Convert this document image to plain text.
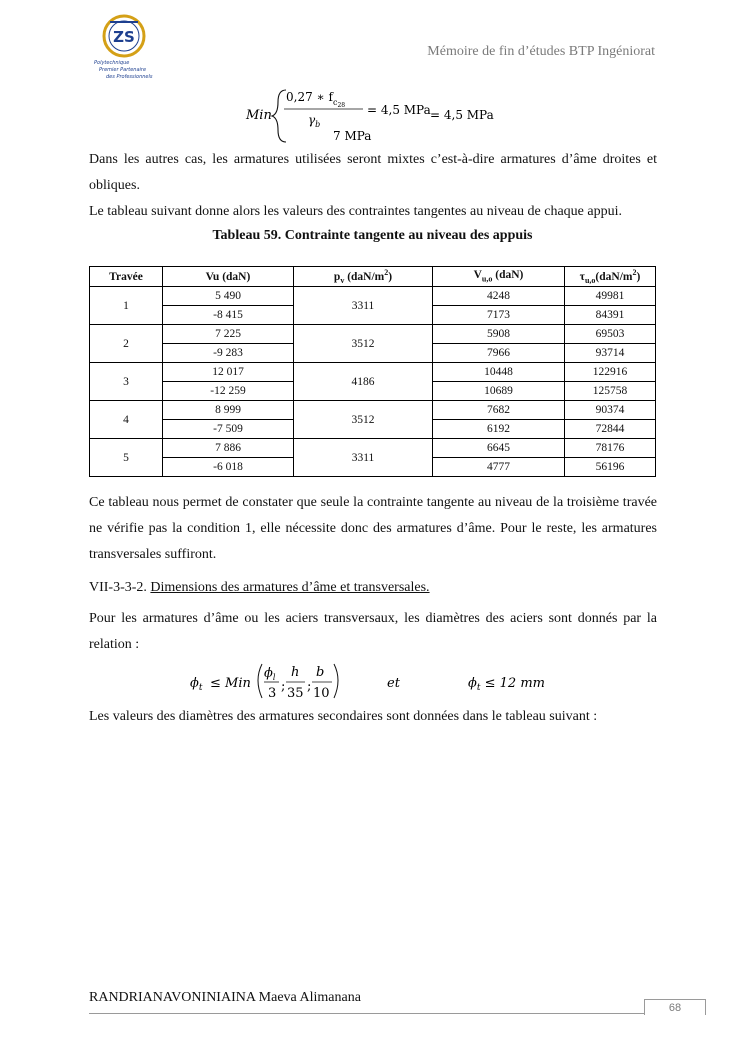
ZS
Polytechnique
Premier Partenaire
des Professionnels
Mémoire de fin d’études BTP Ingéniorat
Min
0,27 ∗ $f_c28$
$\gamma_b$
= 4,5 MPa
7 MPa
= 4,5 MPa
Dans les autres cas, les armatures utilisées seront mixtes c’est-à-dire armatures d’âme droites et obliques.
Le tableau suivant donne alors les valeurs des contraintes tangentes au niveau de chaque appui.
Tableau 59. Contrainte tangente au niveau des appuis
Travée	Vu (daN)	$p_v$ $(daN/m^2)$	$V_{u,o}$ (daN)	$\tau_{u,o}(daN/m^2)$
1	5 490	3311	4248	49981
	-8 415		7173	84391
2	7 225	3512	5908	69503
	-9 283		7966	93714
3	12 017	4186	10448	122916
	-12 259		10689	125758
4	8 999	3512	7682	90374
	-7 509		6192	72844
5	7 886	3311	6645	78176
	-6 018		4777	56196
Ce tableau nous permet de constater que seule la contrainte tangente au niveau de la troisième travée ne vérifie pas la condition 1, elle nécessite donc des armatures d’âme. Pour le reste, les armatures transversales suffiront.
VII-3-3-2. Dimensions des armatures d’âme et transversales.
Pour les armatures d’âme ou les aciers transversaux, les diamètres des aciers sont donnés par la relation :
$\phi_t$ ≤ Min
$\phi_l$
3 ;
h
35 ;
b
10
et	$\phi_t \le 12$ mm
Les valeurs des diamètres des armatures secondaires sont données dans le tableau suivant :
RANDRIANAVONINIAINA Maeva Alimanana
68
